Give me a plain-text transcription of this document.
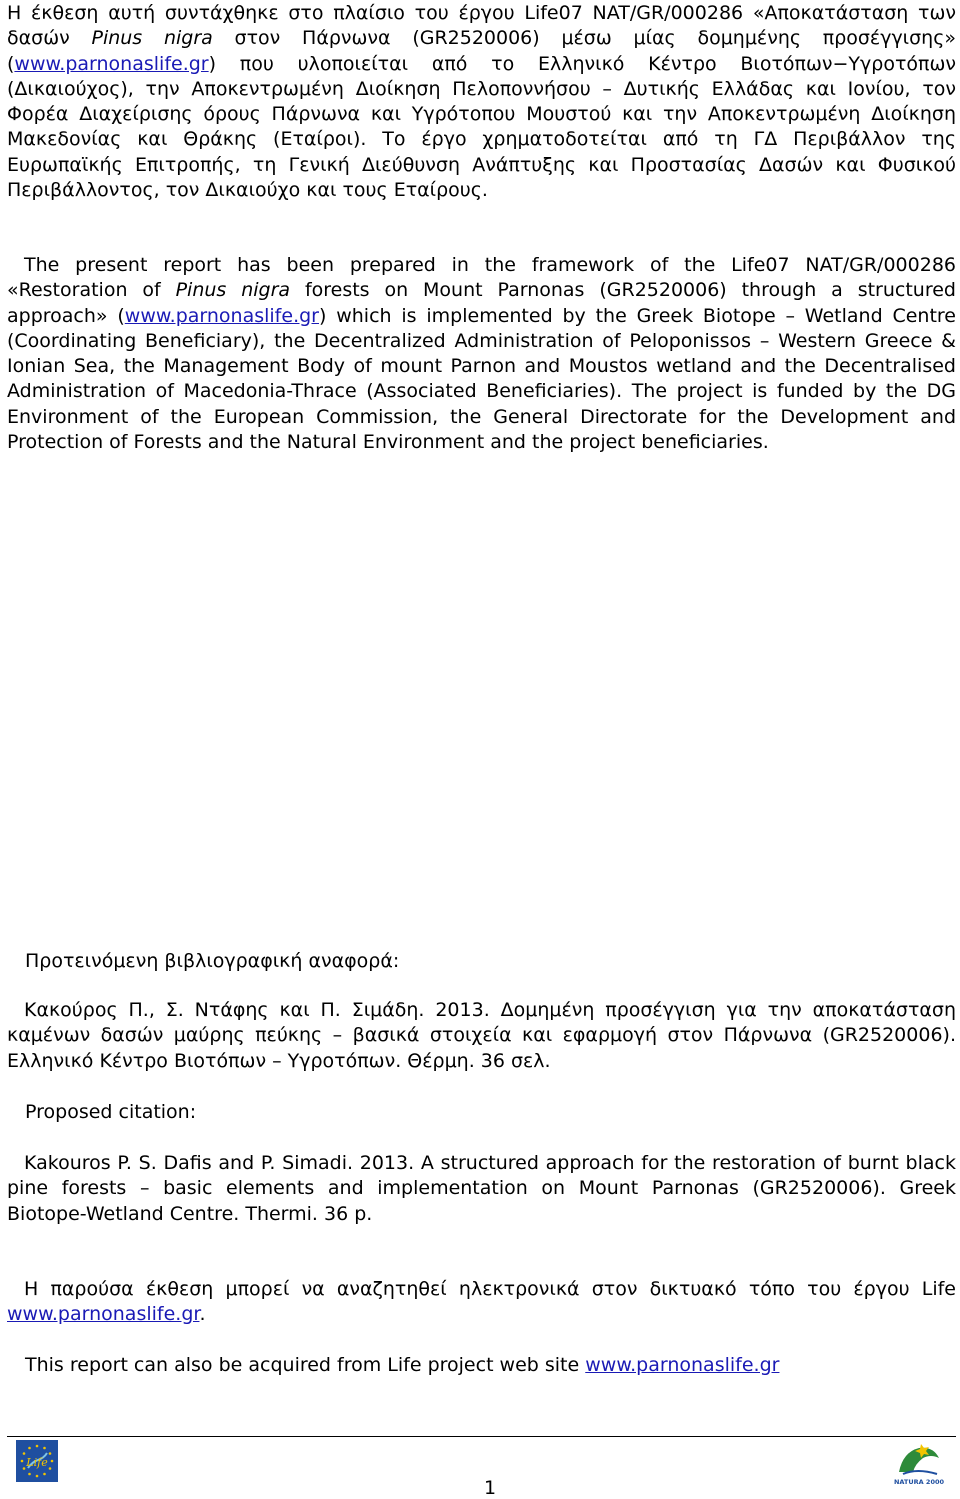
Η έκθεση αυτή συντάχθηκε στο πλαίσιο του έργου Life07 NAT/GR/000286 «Αποκατάσταση των δασών Pinus nigra στον Πάρνωνα (GR2520006) μέσω μίας δομημένης προσέγγισης» (www.parnonaslife.gr) που υλοποιείται από το Ελληνικό Κέντρο Βιοτόπων−Υγροτόπων (Δικαιούχος), την Αποκεντρωμένη Διοίκηση Πελοποννήσου – Δυτικής Ελλάδας και Ιονίου, τον Φορέα Διαχείρισης όρους Πάρνωνα και Υγρότοπου Μουστού και την Αποκεντρωμένη Διοίκηση Μακεδονίας και Θράκης (Εταίροι). Το έργο χρηματοδοτείται από τη ΓΔ Περιβάλλον της Ευρωπαϊκής Επιτροπής, τη Γενική Διεύθυνση Ανάπτυξης και Προστασίας Δασών και Φυσικού Περιβάλλοντος, τον Δικαιούχο και τους Εταίρους.

The present report has been prepared in the framework of the Life07 NAT/GR/000286 «Restoration of Pinus nigra forests on Mount Parnonas (GR2520006) through a structured approach» (www.parnonaslife.gr) which is implemented by the Greek Biotope – Wetland Centre (Coordinating Beneficiary), the Decentralized Administration of Peloponissos – Western Greece & Ionian Sea, the Management Body of mount Parnon and Moustos wetland and the Decentralised Administration of Macedonia-Thrace (Associated Beneficiaries). The project is funded by the DG Environment of the European Commission, the General Directorate for the Development and Protection of Forests and the Natural Environment and the project beneficiaries.

Προτεινόμενη βιβλιογραφική αναφορά:

Κακούρος Π., Σ. Ντάφης και Π. Σιμάδη. 2013. Δομημένη προσέγγιση για την αποκατάσταση καμένων δασών μαύρης πεύκης – βασικά στοιχεία και εφαρμογή στον Πάρνωνα (GR2520006). Ελληνικό Κέντρο Βιοτόπων – Υγροτόπων. Θέρμη. 36 σελ.

Proposed citation:

Kakouros P. S. Dafis and P. Simadi. 2013. A structured approach for the restoration of burnt black pine forests – basic elements and implementation on Mount Parnonas (GR2520006). Greek Biotope-Wetland Centre. Thermi. 36 p.

Η παρούσα έκθεση μπορεί να αναζητηθεί ηλεκτρονικά στον δικτυακό τόπο του έργου Life www.parnonaslife.gr.

This report can also be acquired from Life project web site www.parnonaslife.gr

Life
NATURA 2000
1
